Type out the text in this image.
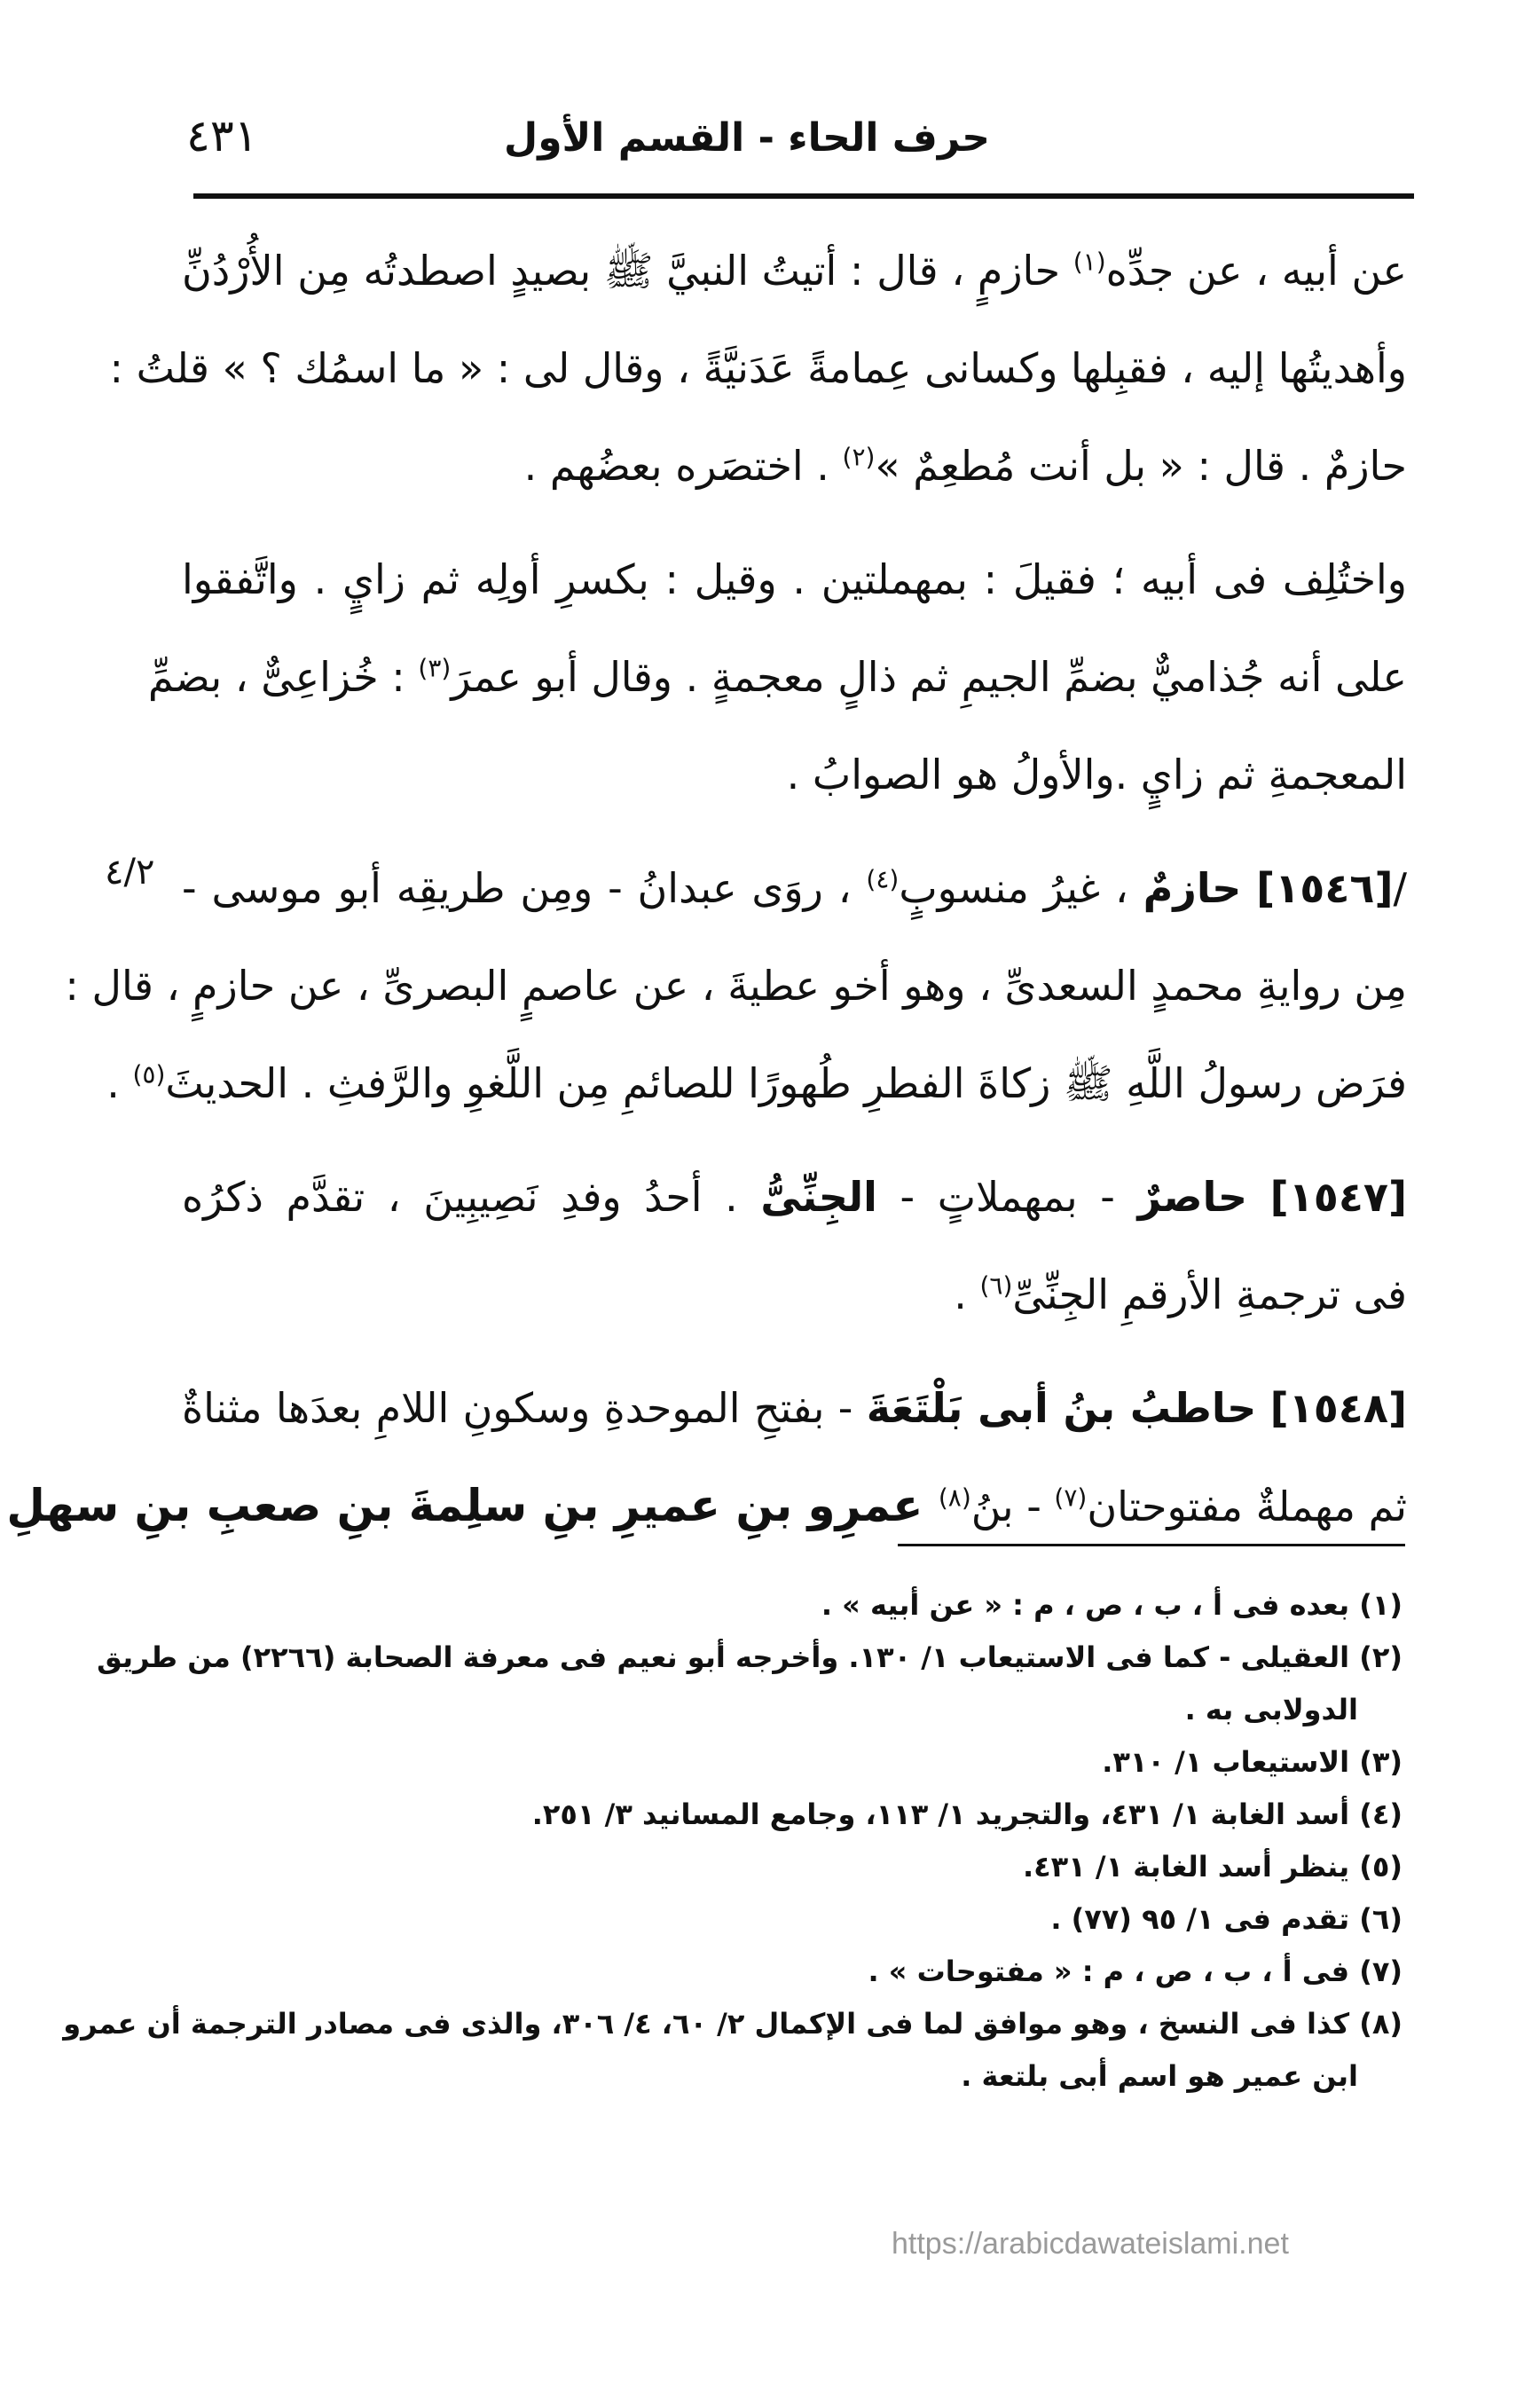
حرف الحاء - القسم الأول
٤٣١
عن أبيه ، عن جدِّه$^{(١)}$ حازمٍ ، قال : أتيتُ النبيَّ ﷺ بصيدٍ اصطدتُه مِن الأُرْدُنِّ
وأهديتُها إليه ، فقبِلها وكسانى عِمامةً عَدَنيَّةً ، وقال لى : « ما اسمُك ؟ » قلتُ :
حازمٌ . قال : « بل أنت مُطعِمٌ »$^{(٢)}$ . اختصَره بعضُهم .
واختُلِف فى أبيه ؛ فقيلَ : بمهملتين . وقيل : بكسرِ أولِه ثم زايٍ . واتَّفقوا
على أنه جُذاميٌّ بضمِّ الجيمِ ثم ذالٍ معجمةٍ . وقال أبو عمرَ$^{(٣)}$ : خُزاعِىٌّ ، بضمِّ
المعجمةِ ثم زايٍ .والأولُ هو الصوابُ .
/[١٥٤٦] حازمٌ ، غيرُ منسوبٍ$^{(٤)}$ ، روَى عبدانُ - ومِن طريقِه أبو موسى -
مِن روايةِ محمدٍ السعدىِّ ، وهو أخو عطيةَ ، عن عاصمٍ البصرىِّ ، عن حازمٍ ، قال :
فرَض رسولُ اللَّهِ ﷺ زكاةَ الفطرِ طُهورًا للصائمِ مِن اللَّغوِ والرَّفثِ . الحديثَ$^{(٥)}$ .
[١٥٤٧] حاصرٌ - بمهملاتٍ - الجِنِّىُّ . أحدُ وفدِ نَصِيبِينَ ، تقدَّم ذكرُه
فى ترجمةِ الأرقمِ الجِنِّىِّ$^{(٦)}$ .
[١٥٤٨] حاطبُ بنُ أبى بَلْتَعَةَ - بفتحِ الموحدةِ وسكونِ اللامِ بعدَها مثناةٌ
ثم مهملةٌ مفتوحتان$^{(٧)}$ - بنُ$^{(٨)}$ عمرِو بنِ عميرِ بنِ سلِمةَ بنِ صعبِ بنِ سهلِ
٤/٢
(١) بعده فى أ ، ب ، ص ، م : « عن أبيه » .
(٢) العقيلى - كما فى الاستيعاب ١/ ١٣٠. وأخرجه أبو نعيم فى معرفة الصحابة (٢٢٦٦) من طريق
الدولابى به .
(٣) الاستيعاب ١/ ٣١٠.
(٤) أسد الغابة ١/ ٤٣١، والتجريد ١/ ١١٣، وجامع المسانيد ٣/ ٢٥١.
(٥) ينظر أسد الغابة ١/ ٤٣١.
(٦) تقدم فى ١/ ٩٥ (٧٧) .
(٧) فى أ ، ب ، ص ، م : « مفتوحات » .
(٨) كذا فى النسخ ، وهو موافق لما فى الإكمال ٢/ ٦٠، ٤/ ٣٠٦، والذى فى مصادر الترجمة أن عمرو
ابن عمير هو اسم أبى بلتعة .
https://arabicdawateislami.net
